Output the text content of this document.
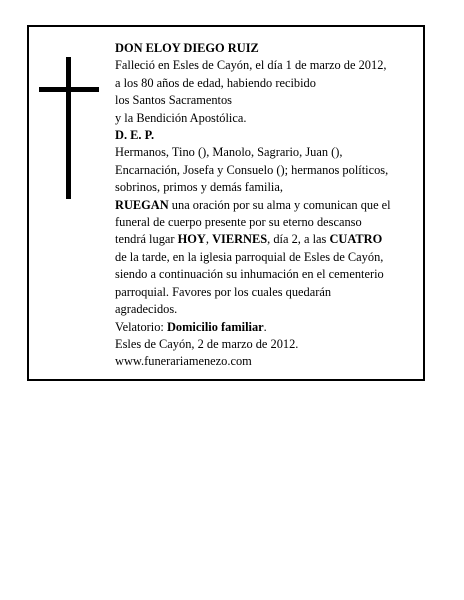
DON ELOY DIEGO RUIZ
Falleció en Esles de Cayón, el día 1 de marzo de 2012,
a los 80 años de edad, habiendo recibido
los Santos Sacramentos
y la Bendición Apostólica.
D. E. P.
Hermanos, Tino (), Manolo, Sagrario, Juan (),
Encarnación, Josefa y Consuelo (); hermanos políticos,
sobrinos, primos y demás familia,
RUEGAN una oración por su alma y comunican que el
funeral de cuerpo presente por su eterno descanso
tendrá lugar HOY, VIERNES, día 2, a las CUATRO
de la tarde, en la iglesia parroquial de Esles de Cayón,
siendo a continuación su inhumación en el cementerio
parroquial. Favores por los cuales quedarán
agradecidos.
Velatorio: Domicilio familiar.
Esles de Cayón, 2 de marzo de 2012.
www.funerariamenezo.com
